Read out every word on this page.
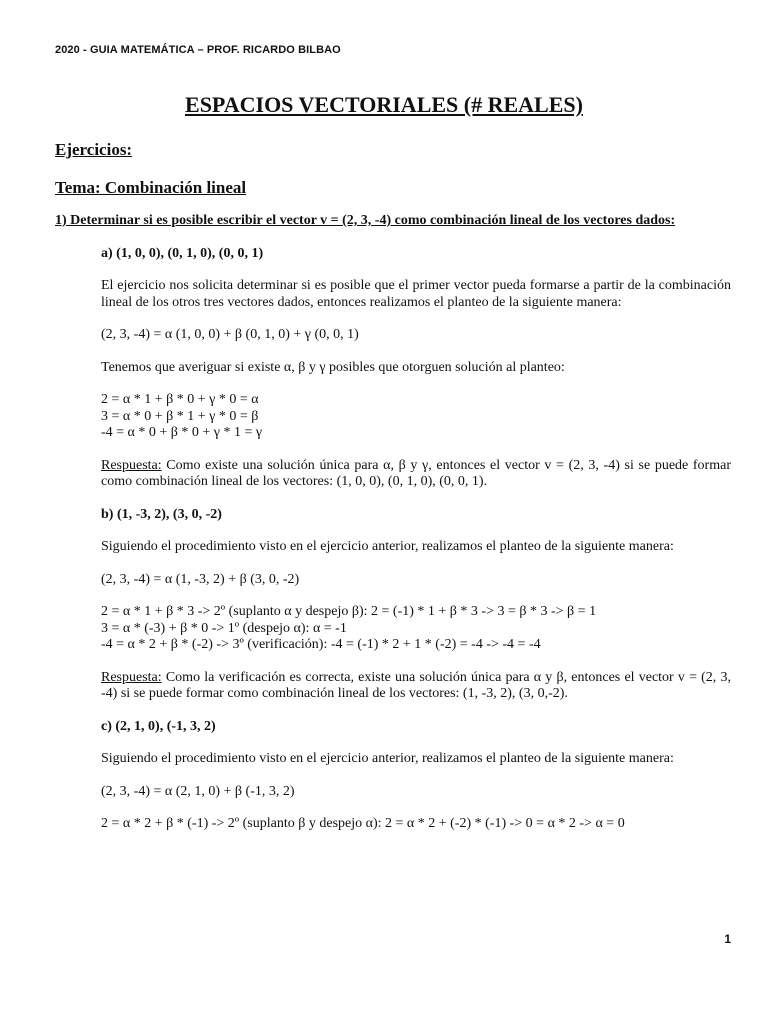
2020 - GUIA MATEMÁTICA – PROF. RICARDO BILBAO
ESPACIOS VECTORIALES (# REALES)
Ejercicios:
Tema: Combinación lineal
1) Determinar si es posible escribir el vector v = (2, 3, -4) como combinación lineal de los vectores dados:
a) (1, 0, 0), (0, 1, 0), (0, 0, 1)
El ejercicio nos solicita determinar si es posible que el primer vector pueda formarse a partir de la combinación lineal de los otros tres vectores dados, entonces realizamos el planteo de la siguiente manera:
(2, 3, -4) = α (1, 0, 0) + β (0, 1, 0) + γ (0, 0, 1)
Tenemos que averiguar si existe α, β y γ posibles que otorguen solución al planteo:
2 = α * 1 + β * 0 + γ * 0 = α
3 = α * 0 + β * 1 + γ * 0 = β
-4 = α * 0 + β * 0 + γ * 1 = γ
Respuesta: Como existe una solución única para α, β y γ, entonces el vector v = (2, 3, -4) si se puede formar como combinación lineal de los vectores: (1, 0, 0), (0, 1, 0), (0, 0, 1).
b) (1, -3, 2), (3, 0, -2)
Siguiendo el procedimiento visto en el ejercicio anterior, realizamos el planteo de la siguiente manera:
(2, 3, -4) = α (1, -3, 2) + β (3, 0, -2)
2 = α * 1 + β * 3 -> 2º (suplanto α y despejo β): 2 = (-1) * 1 + β * 3 -> 3 = β * 3 -> β = 1
3 = α * (-3) + β * 0 -> 1º (despejo α): α = -1
-4 = α * 2 + β * (-2) -> 3º (verificación): -4 = (-1) * 2 + 1 * (-2) = -4 -> -4 = -4
Respuesta: Como la verificación es correcta, existe una solución única para α y β, entonces el vector v = (2, 3, -4) si se puede formar como combinación lineal de los vectores: (1, -3, 2), (3, 0,-2).
c) (2, 1, 0), (-1, 3, 2)
Siguiendo el procedimiento visto en el ejercicio anterior, realizamos el planteo de la siguiente manera:
(2, 3, -4) = α (2, 1, 0) + β (-1, 3, 2)
2 = α * 2 + β * (-1) -> 2º (suplanto β y despejo α): 2 = α * 2 + (-2) * (-1) -> 0 = α * 2 -> α = 0
1
